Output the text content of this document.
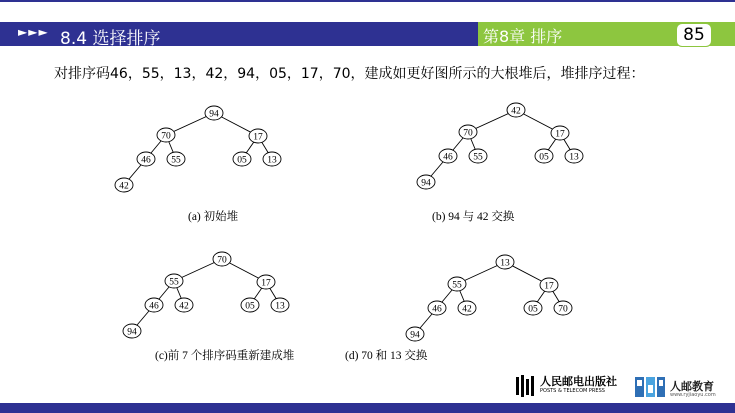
►►► 8.4 选择排序	第8章 排序	85
对排序码46，55，13，42，94，05，17，70，建成如更好图所示的大根堆后，堆排序过程：
94
70	17
46 55	05 13
42
42
70	17
46 55	05 13
94
70
55	17
46 42	05 13
94
13
55	17
46 42	05 70
94
(a) 初始堆	(b) 94 与 42 交换
(c)前 7 个排序码重新建成堆	(d) 70 和 13 交换
人民邮电出版社
POSTS & TELECOM PRESS	人邮教育
www.ryjiaoyu.com
